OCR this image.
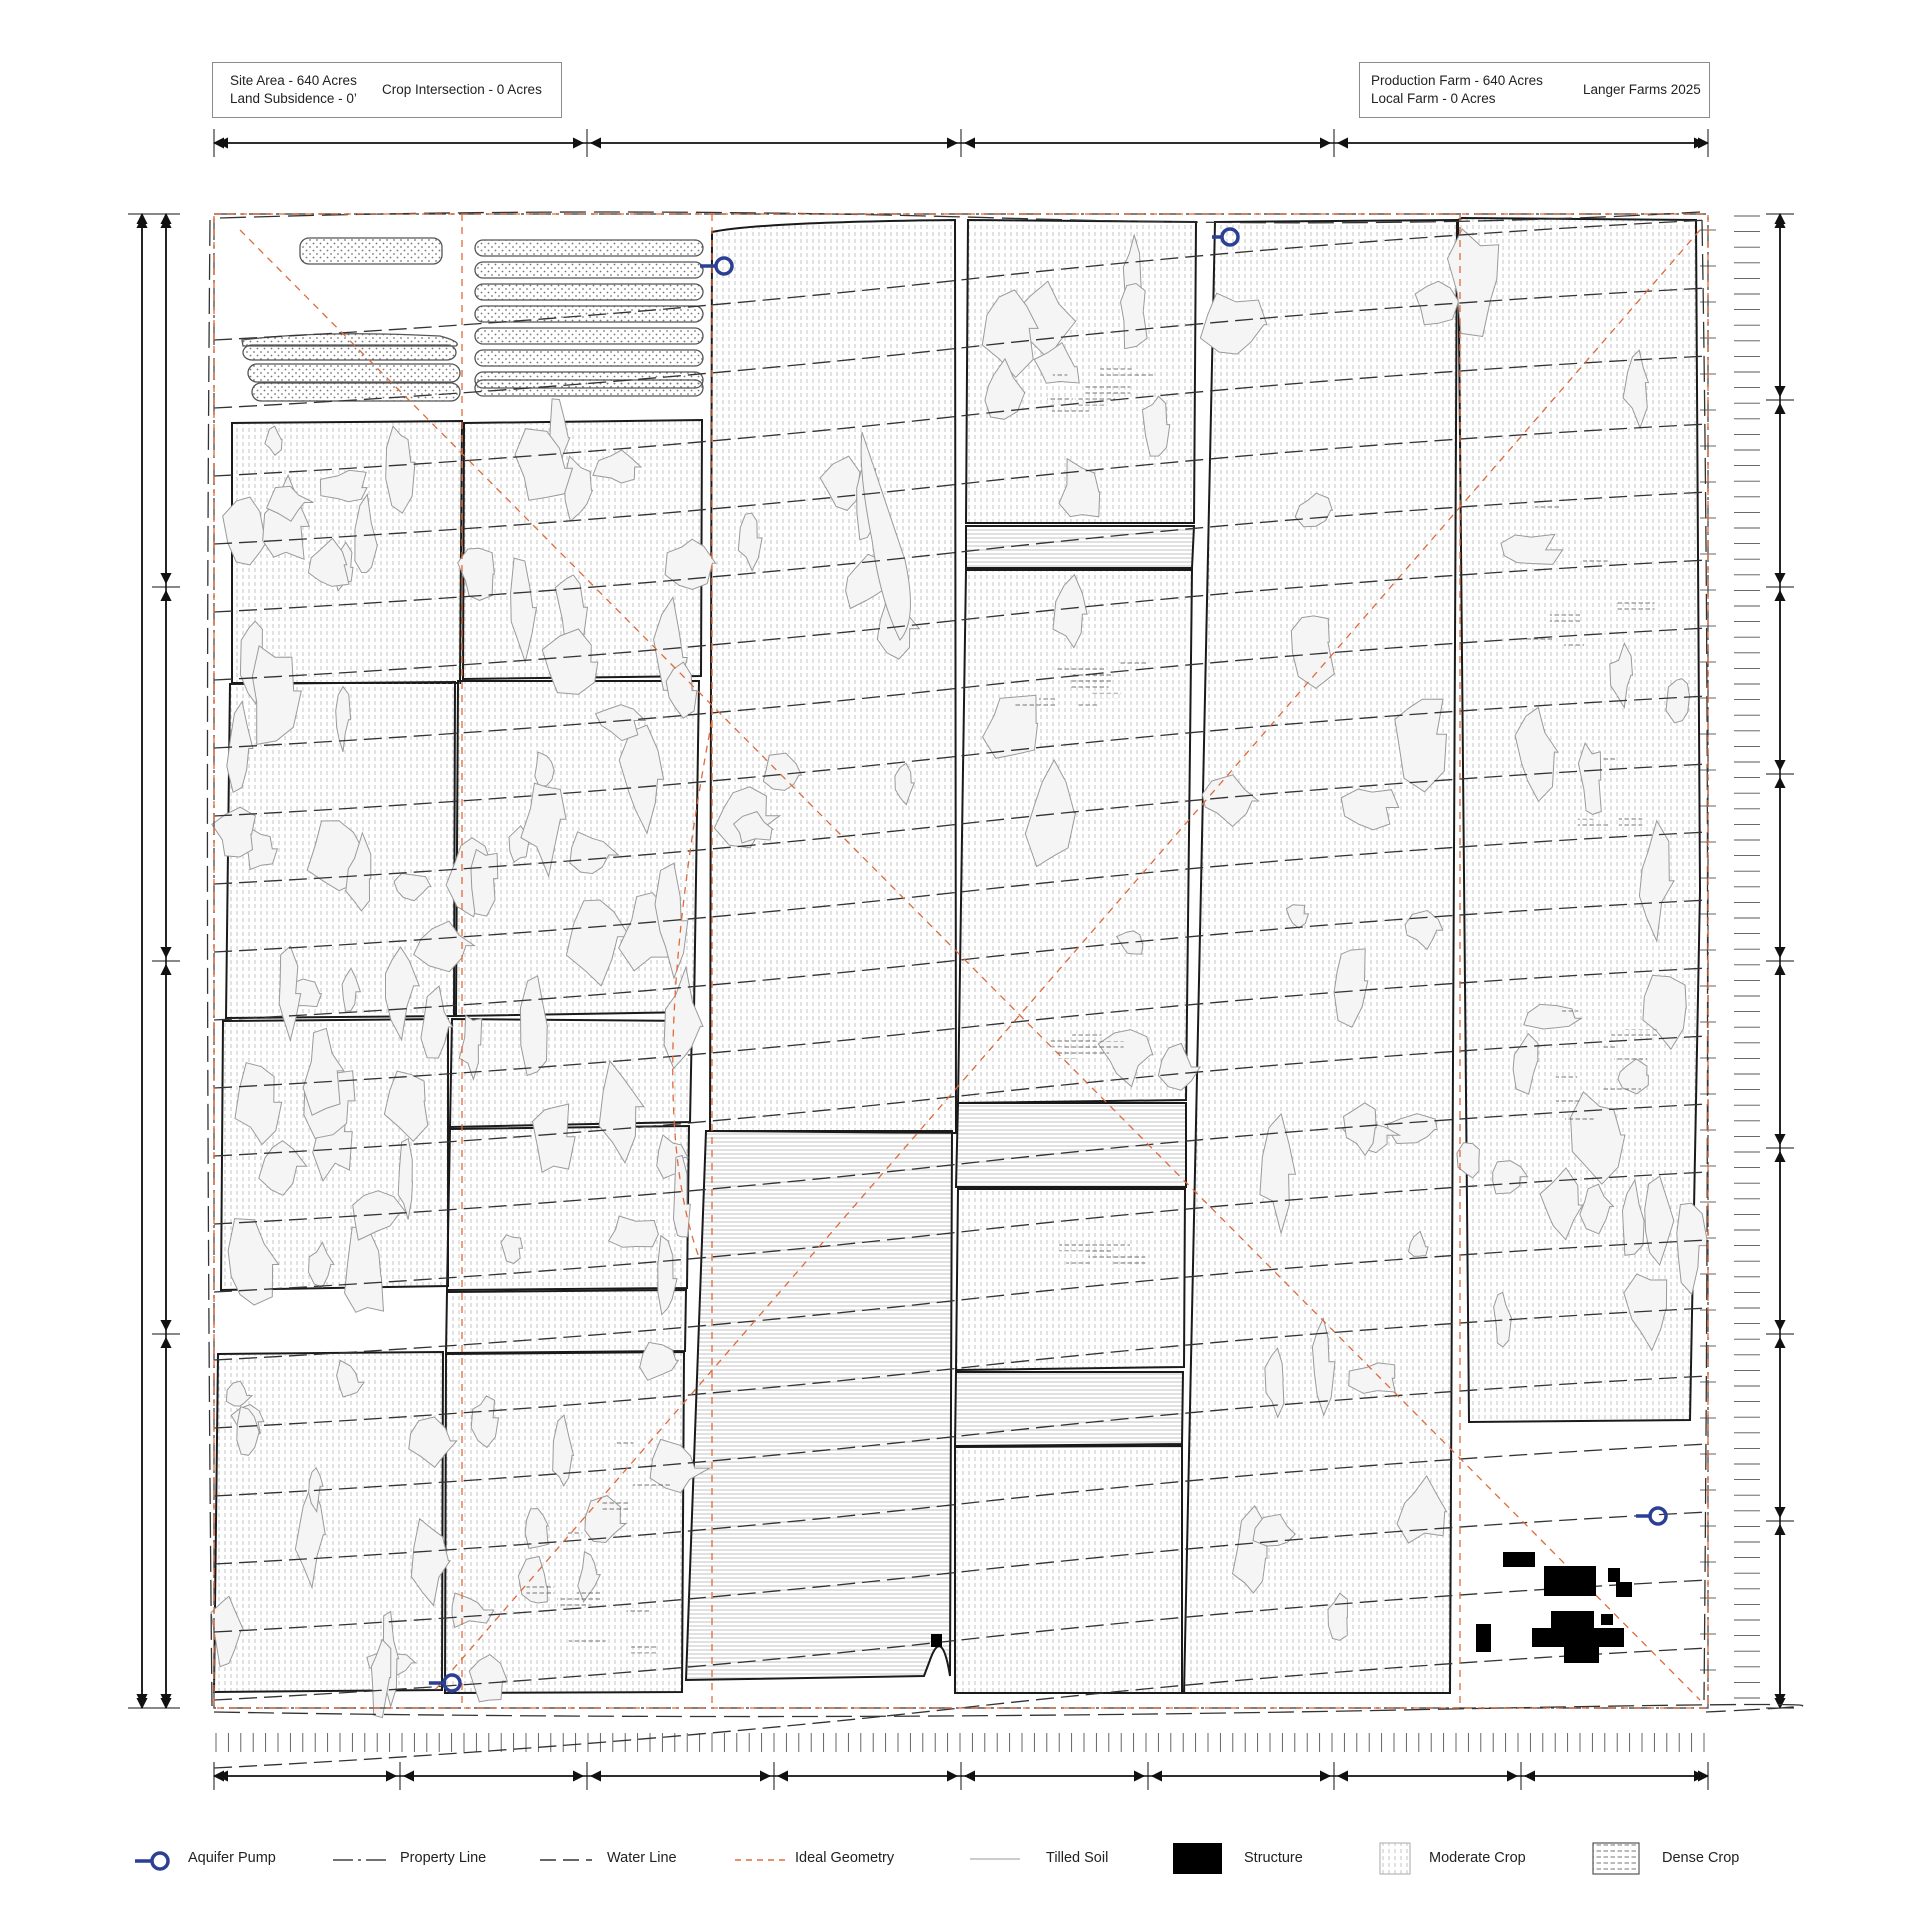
Site Area - 640 Acres
Land Subsidence - 0’
Crop Intersection - 0 Acres
Production Farm - 640 Acres
Local Farm - 0 Acres
Langer Farms 2025
Aquifer Pump	Property Line	Water Line	Ideal Geometry	Tilled Soil	Structure	Moderate Crop	Dense Crop
